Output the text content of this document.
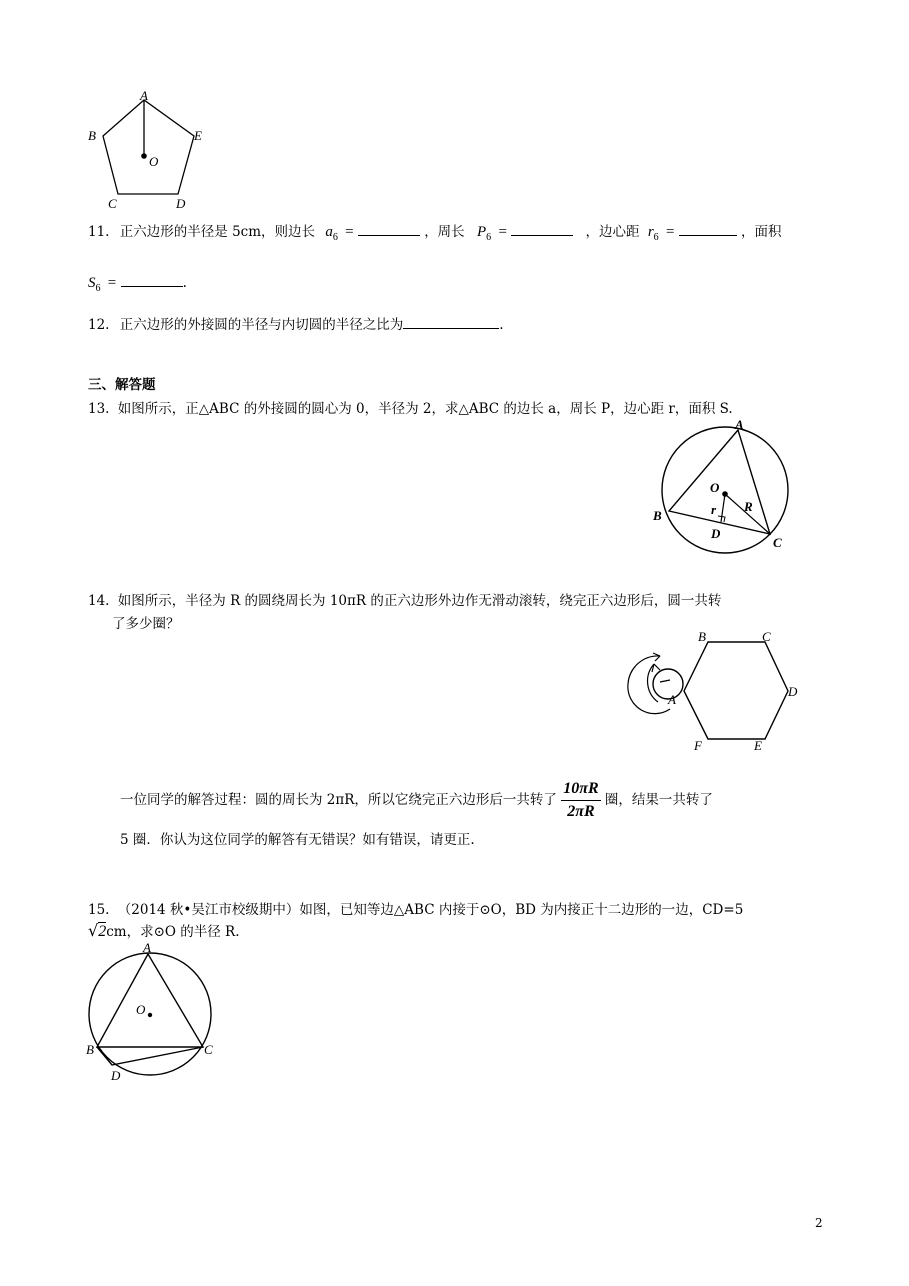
A
B	E
O
C	D
11. 正六边形的半径是 5cm，则边长 $a_6$ =	，周长 $P_6$ =	，边心距 $r_6$ =	，面积
$S_6$ =	.
12. 正六边形的外接圆的半径与内切圆的半径之比为	.
三、解答题
13. 如图所示，正△ABC 的外接圆的圆心为 0，半径为 2，求△ABC 的边长 a，周长 P，边心距 r，面积 S.
A
O
R
r
B
D
C
14. 如图所示，半径为 R 的圆绕周长为 10πR 的正六边形外边作无滑动滚转，绕完正六边形后，圆一共转
了多少圈？
B	C
D
A
F	E
一位同学的解答过程：圆的周长为 2πR，所以它绕完正六边形后一共转了 $\frac{10\pi R}{2\pi R}$ 圈，结果一共转了
5 圈．你认为这位同学的解答有无错误？如有错误，请更正.
15. （2014 秋•吴江市校级期中）如图，已知等边△ABC 内接于⊙O，BD 为内接正十二边形的一边，CD=5
√2cm，求⊙O 的半径 R.
A
O
B	C
D
2
